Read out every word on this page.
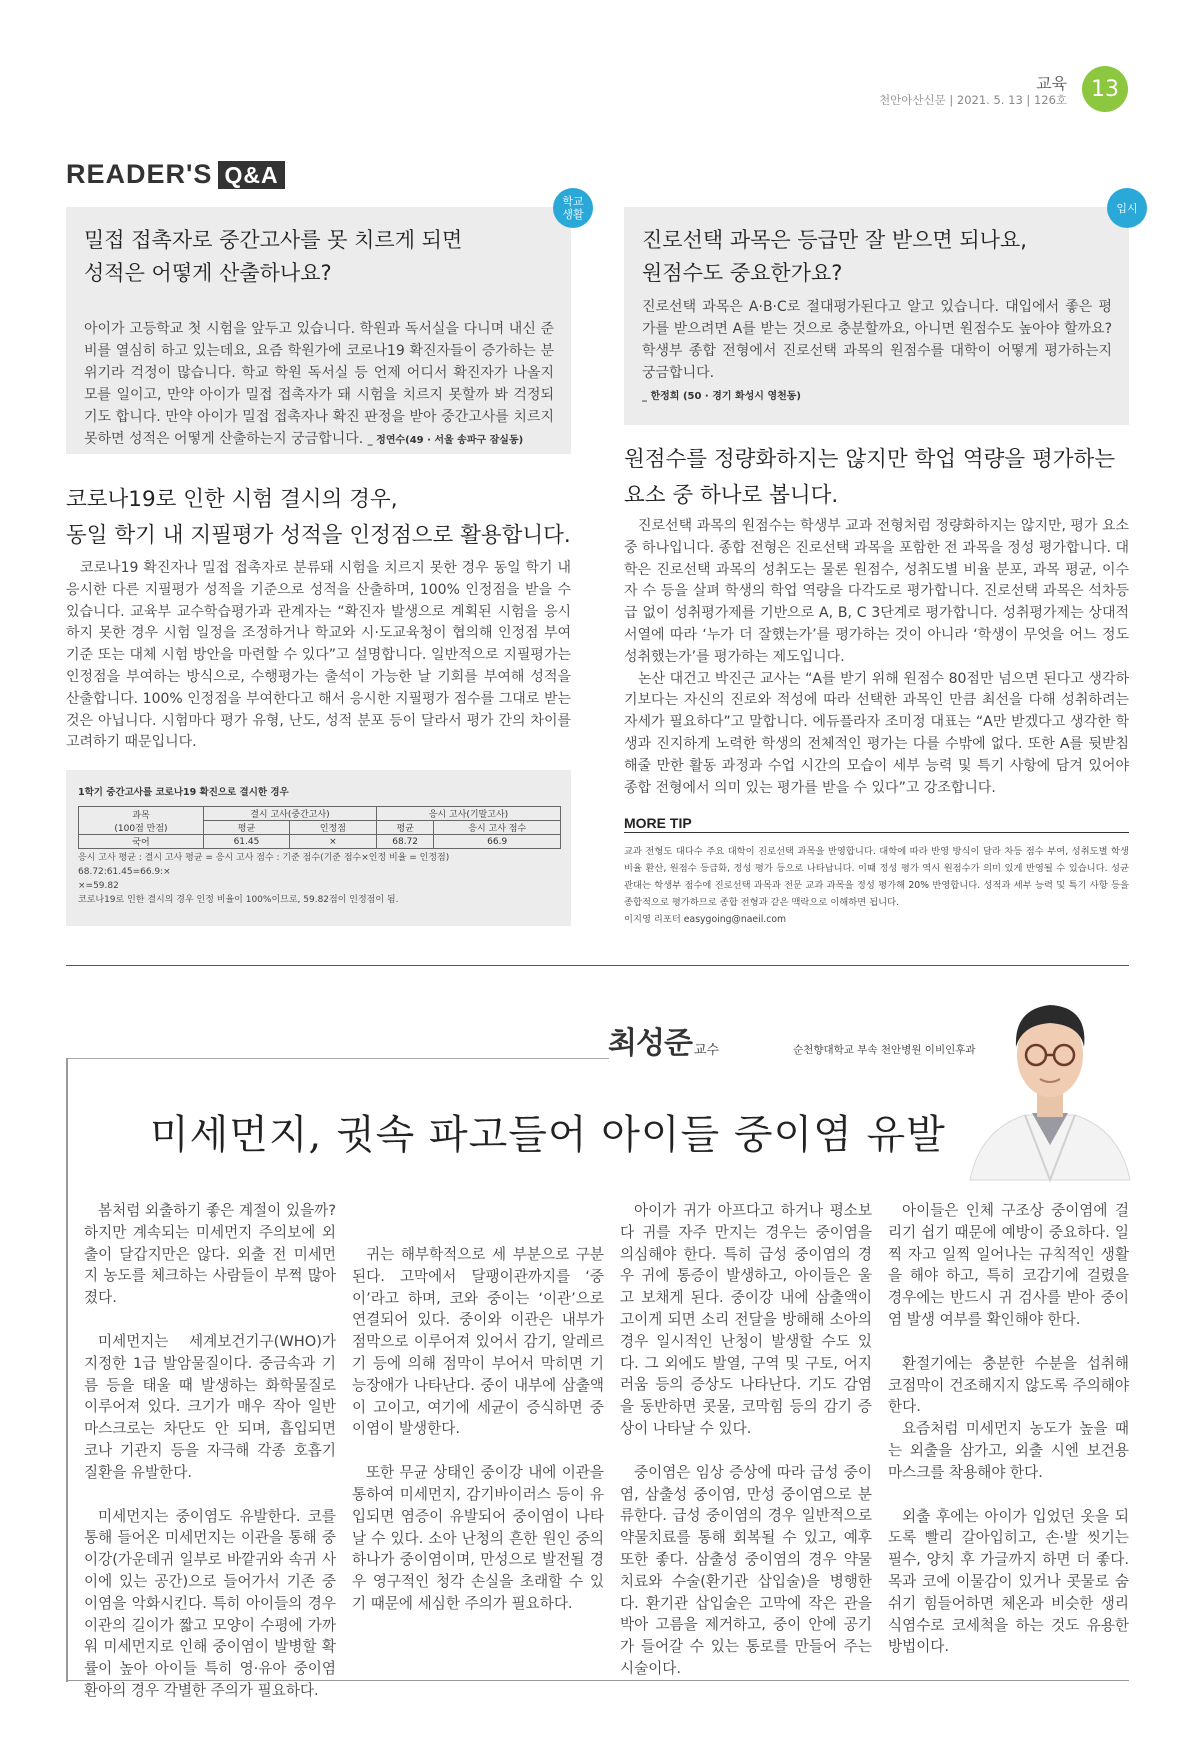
교육
천안아산신문 | 2021. 5. 13 | 126호	13
READER'S Q&A
학교
생활
밀접 접촉자로 중간고사를 못 치르게 되면
성적은 어떻게 산출하나요?
아이가 고등학교 첫 시험을 앞두고 있습니다. 학원과 독서실을 다니며 내신 준비를 열심히 하고 있는데요, 요즘 학원가에 코로나19 확진자들이 증가하는 분위기라 걱정이 많습니다. 학교 학원 독서실 등 언제 어디서 확진자가 나올지 모를 일이고, 만약 아이가 밀접 접촉자가 돼 시험을 치르지 못할까 봐 걱정되기도 합니다. 만약 아이가 밀접 접촉자나 확진 판정을 받아 중간고사를 치르지 못하면 성적은 어떻게 산출하는지 궁금합니다. _ 정연수(49 · 서울 송파구 잠실동)
코로나19로 인한 시험 결시의 경우,
동일 학기 내 지필평가 성적을 인정점으로 활용합니다.
코로나19 확진자나 밀접 접촉자로 분류돼 시험을 치르지 못한 경우 동일 학기 내 응시한 다른 지필평가 성적을 기준으로 성적을 산출하며, 100% 인정점을 받을 수 있습니다. 교육부 교수학습평가과 관계자는 “확진자 발생으로 계획된 시험을 응시하지 못한 경우 시험 일정을 조정하거나 학교와 시·도교육청이 협의해 인정점 부여 기준 또는 대체 시험 방안을 마련할 수 있다”고 설명합니다. 일반적으로 지필평가는 인정점을 부여하는 방식으로, 수행평가는 출석이 가능한 날 기회를 부여해 성적을 산출합니다. 100% 인정점을 부여한다고 해서 응시한 지필평가 점수를 그대로 받는 것은 아닙니다. 시험마다 평가 유형, 난도, 성적 분포 등이 달라서 평가 간의 차이를 고려하기 때문입니다.
1학기 중간고사를 코로나19 확진으로 결시한 경우
과목
(100점 만점)	결시 고사(중간고사)		응시 고사(기말고사)	
	평균	인정점	평균	응시 고사 점수
국어	61.45	×	68.72	66.9
응시 고사 평균 : 결시 고사 평균 = 응시 고사 점수 : 기준 점수(기준 점수×인정 비율 = 인정점)
68.72:61.45=66.9:×
×=59.82
코로나19로 인한 결시의 경우 인정 비율이 100%이므로, 59.82점이 인정점이 됨.
입시
진로선택 과목은 등급만 잘 받으면 되나요,
원점수도 중요한가요?
진로선택 과목은 A·B·C로 절대평가된다고 알고 있습니다. 대입에서 좋은 평가를 받으려면 A를 받는 것으로 충분할까요, 아니면 원점수도 높아야 할까요? 학생부 종합 전형에서 진로선택 과목의 원점수를 대학이 어떻게 평가하는지 궁금합니다.
_ 한정희 (50 · 경기 화성시 영천동)
원점수를 정량화하지는 않지만 학업 역량을 평가하는
요소 중 하나로 봅니다.
진로선택 과목의 원점수는 학생부 교과 전형처럼 정량화하지는 않지만, 평가 요소 중 하나입니다. 종합 전형은 진로선택 과목을 포함한 전 과목을 정성 평가합니다. 대학은 진로선택 과목의 성취도는 물론 원점수, 성취도별 비율 분포, 과목 평균, 이수자 수 등을 살펴 학생의 학업 역량을 다각도로 평가합니다. 진로선택 과목은 석차등급 없이 성취평가제를 기반으로 A, B, C 3단계로 평가합니다. 성취평가제는 상대적 서열에 따라 ‘누가 더 잘했는가’를 평가하는 것이 아니라 ‘학생이 무엇을 어느 정도 성취했는가’를 평가하는 제도입니다.
논산 대건고 박진근 교사는 “A를 받기 위해 원점수 80점만 넘으면 된다고 생각하기보다는 자신의 진로와 적성에 따라 선택한 과목인 만큼 최선을 다해 성취하려는 자세가 필요하다”고 말합니다. 에듀플라자 조미정 대표는 “A만 받겠다고 생각한 학생과 진지하게 노력한 학생의 전체적인 평가는 다를 수밖에 없다. 또한 A를 뒷받침해줄 만한 활동 과정과 수업 시간의 모습이 세부 능력 및 특기 사항에 담겨 있어야 종합 전형에서 의미 있는 평가를 받을 수 있다”고 강조합니다.
MORE TIP
교과 전형도 대다수 주요 대학이 진로선택 과목을 반영합니다. 대학에 따라 반영 방식이 달라 차등 점수 부여, 성취도별 학생 비율 환산, 원점수 등급화, 정성 평가 등으로 나타납니다. 이때 정성 평가 역시 원점수가 의미 있게 반영될 수 있습니다. 성균관대는 학생부 점수에 진로선택 과목과 전문 교과 과목을 정성 평가해 20% 반영합니다. 성적과 세부 능력 및 특기 사항 등을 종합적으로 평가하므로 종합 전형과 같은 맥락으로 이해하면 됩니다.
이지영 리포터 easygoing@naeil.com
최성준 교수	순천향대학교 부속 천안병원 이비인후과
미세먼지, 귓속 파고들어 아이들 중이염 유발

봄처럼 외출하기 좋은 계절이 있을까? 하지만 계속되는 미세먼지 주의보에 외출이 달갑지만은 않다. 외출 전 미세먼지 농도를 체크하는 사람들이 부쩍 많아졌다.

미세먼지는 세계보건기구(WHO)가 지정한 1급 발암물질이다. 중금속과 기름 등을 태울 때 발생하는 화학물질로 이루어져 있다. 크기가 매우 작아 일반 마스크로는 차단도 안 되며, 흡입되면 코나 기관지 등을 자극해 각종 호흡기 질환을 유발한다.

미세먼지는 중이염도 유발한다. 코를 통해 들어온 미세먼지는 이관을 통해 중이강(가운데귀 일부로 바깥귀와 속귀 사이에 있는 공간)으로 들어가서 기존 중이염을 악화시킨다. 특히 아이들의 경우 이관의 길이가 짧고 모양이 수평에 가까워 미세먼지로 인해 중이염이 발병할 확률이 높아 아이들 특히 영·유아 중이염 환아의 경우 각별한 주의가 필요하다.

귀는 해부학적으로 세 부분으로 구분된다. 고막에서 달팽이관까지를 ‘중이’라고 하며, 코와 중이는 ‘이관’으로 연결되어 있다. 중이와 이관은 내부가 점막으로 이루어져 있어서 감기, 알레르기 등에 의해 점막이 부어서 막히면 기능장애가 나타난다. 중이 내부에 삼출액이 고이고, 여기에 세균이 증식하면 중이염이 발생한다.

또한 무균 상태인 중이강 내에 이관을 통하여 미세먼지, 감기바이러스 등이 유입되면 염증이 유발되어 중이염이 나타날 수 있다. 소아 난청의 흔한 원인 중의 하나가 중이염이며, 만성으로 발전될 경우 영구적인 청각 손실을 초래할 수 있기 때문에 세심한 주의가 필요하다.

아이가 귀가 아프다고 하거나 평소보다 귀를 자주 만지는 경우는 중이염을 의심해야 한다. 특히 급성 중이염의 경우 귀에 통증이 발생하고, 아이들은 울고 보채게 된다. 중이강 내에 삼출액이 고이게 되면 소리 전달을 방해해 소아의 경우 일시적인 난청이 발생할 수도 있다. 그 외에도 발열, 구역 및 구토, 어지러움 등의 증상도 나타난다. 기도 감염을 동반하면 콧물, 코막힘 등의 감기 증상이 나타날 수 있다.

중이염은 임상 증상에 따라 급성 중이염, 삼출성 중이염, 만성 중이염으로 분류한다. 급성 중이염의 경우 일반적으로 약물치료를 통해 회복될 수 있고, 예후 또한 좋다. 삼출성 중이염의 경우 약물치료와 수술(환기관 삽입술)을 병행한다. 환기관 삽입술은 고막에 작은 관을 박아 고름을 제거하고, 중이 안에 공기가 들어갈 수 있는 통로를 만들어 주는 시술이다.

아이들은 인체 구조상 중이염에 걸리기 쉽기 때문에 예방이 중요하다. 일찍 자고 일찍 일어나는 규칙적인 생활을 해야 하고, 특히 코감기에 걸렸을 경우에는 반드시 귀 검사를 받아 중이염 발생 여부를 확인해야 한다.

환절기에는 충분한 수분을 섭취해 코점막이 건조해지지 않도록 주의해야 한다.

요즘처럼 미세먼지 농도가 높을 때는 외출을 삼가고, 외출 시엔 보건용 마스크를 착용해야 한다.

외출 후에는 아이가 입었던 옷을 되도록 빨리 갈아입히고, 손·발 씻기는 필수, 양치 후 가글까지 하면 더 좋다. 목과 코에 이물감이 있거나 콧물로 숨쉬기 힘들어하면 체온과 비슷한 생리식염수로 코세척을 하는 것도 유용한 방법이다.
